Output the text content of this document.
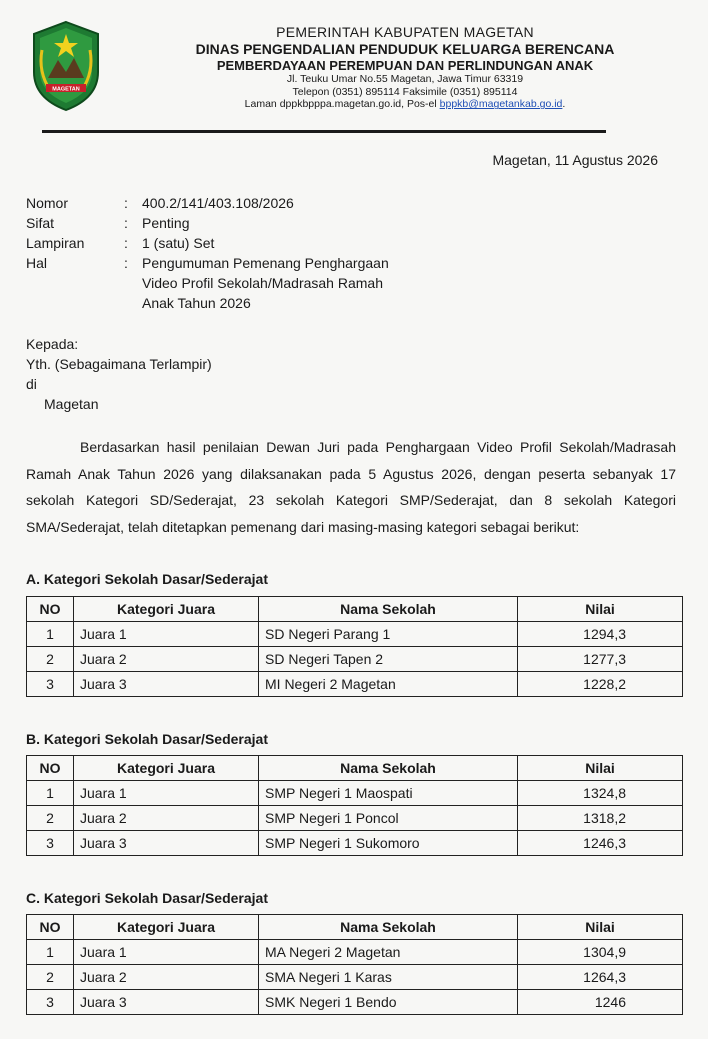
MAGETAN
PEMERINTAH KABUPATEN MAGETAN
DINAS PENGENDALIAN PENDUDUK KELUARGA BERENCANA
PEMBERDAYAAN PEREMPUAN DAN PERLINDUNGAN ANAK
Jl. Teuku Umar No.55 Magetan, Jawa Timur 63319
Telepon (0351) 895114 Faksimile (0351) 895114
Laman dppkbpppa.magetan.go.id, Pos-el bppkb@magetankab.go.id.
Magetan, 11 Agustus 2026
Nomor	:	400.2/141/403.108/2026
Sifat	:	Penting
Lampiran	:	1 (satu) Set
Hal	:	Pengumuman Pemenang Penghargaan
Video Profil Sekolah/Madrasah Ramah
Anak Tahun 2026
Kepada:
Yth. (Sebagaimana Terlampir)
di
Magetan
Berdasarkan hasil penilaian Dewan Juri pada Penghargaan Video Profil Sekolah/Madrasah Ramah Anak Tahun 2026 yang dilaksanakan pada 5 Agustus 2026, dengan peserta sebanyak 17 sekolah Kategori SD/Sederajat, 23 sekolah Kategori SMP/Sederajat, dan 8 sekolah Kategori SMA/Sederajat, telah ditetapkan pemenang dari masing-masing kategori sebagai berikut:
A. Kategori Sekolah Dasar/Sederajat
NO	Kategori Juara	Nama Sekolah	Nilai
1	Juara 1	SD Negeri Parang 1	1294,3
2	Juara 2	SD Negeri Tapen 2	1277,3
3	Juara 3	MI Negeri 2 Magetan	1228,2
B. Kategori Sekolah Dasar/Sederajat
NO	Kategori Juara	Nama Sekolah	Nilai
1	Juara 1	SMP Negeri 1 Maospati	1324,8
2	Juara 2	SMP Negeri 1 Poncol	1318,2
3	Juara 3	SMP Negeri 1 Sukomoro	1246,3
C. Kategori Sekolah Dasar/Sederajat
NO	Kategori Juara	Nama Sekolah	Nilai
1	Juara 1	MA Negeri 2 Magetan	1304,9
2	Juara 2	SMA Negeri 1 Karas	1264,3
3	Juara 3	SMK Negeri 1 Bendo	1246
